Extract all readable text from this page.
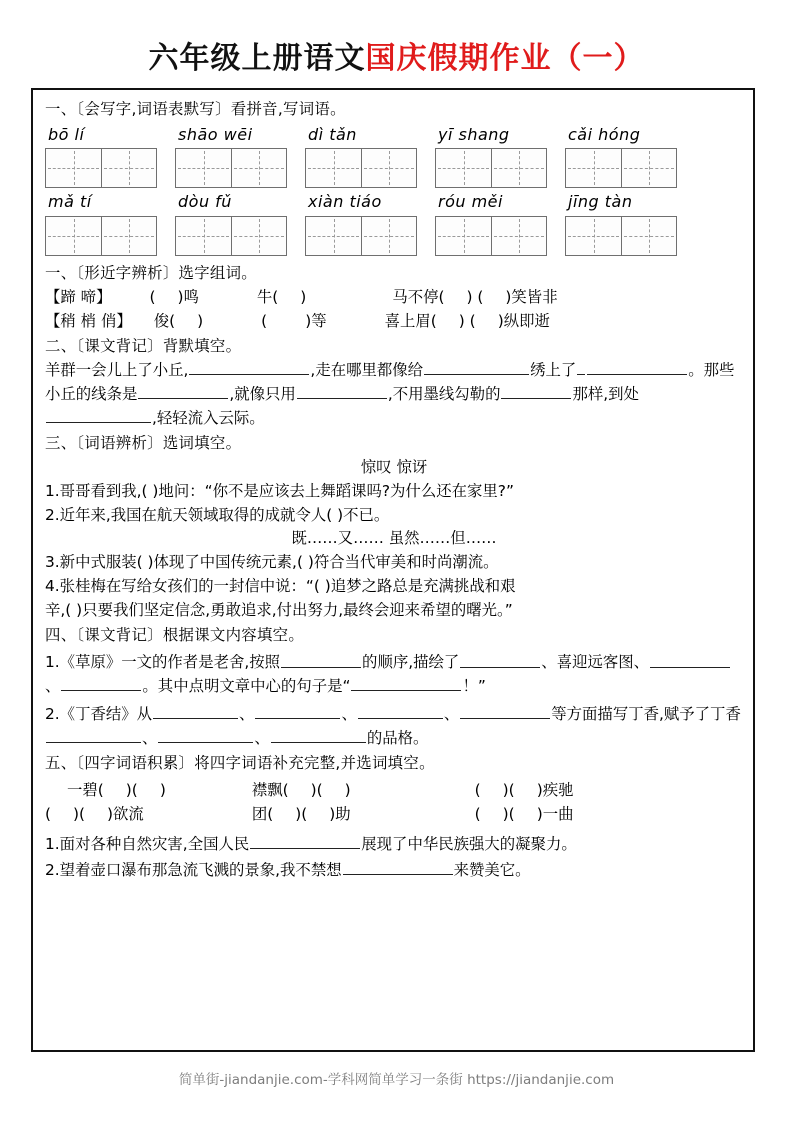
六年级上册语文国庆假期作业（一）
一、〔会写字,词语表默写〕看拼音,写词语。
bō lí	shāo wēi	dì tǎn	yī shang	cǎi hóng
mǎ tí	dòu fǔ	xiàn tiáo	róu měi	jīng tàn
一、〔形近字辨析〕选字组词。
【蹄 啼】 ( )鸣	牛( )	马不停( ) ( )笑皆非
【稍 梢 俏】 俊( )	( )等	喜上眉( ) ( )纵即逝
二、〔课文背记〕背默填空。
羊群一会儿上了小丘,	,走在哪里都像给	绣上了	。那些小丘的线条是	,就像只用	,不用墨线勾勒的	那样,到处,轻轻流入云际。
三、〔词语辨析〕选词填空。
惊叹 惊讶
1.哥哥看到我,( )地问：“你不是应该去上舞蹈课吗?为什么还在家里?”
2.近年来,我国在航天领域取得的成就令人( )不已。
既……又…… 虽然……但……
3.新中式服装( )体现了中国传统元素,( )符合当代审美和时尚潮流。
4.张桂梅在写给女孩们的一封信中说：“( )追梦之路总是充满挑战和艰
辛,( )只要我们坚定信念,勇敢追求,付出努力,最终会迎来希望的曙光。”
四、〔课文背记〕根据课文内容填空。
1.《草原》一文的作者是老舍,按照	的顺序,描绘了	、喜迎远客图、、	。其中点明文章中心的句子是“	！”
2.《丁香结》从	、	、	、	等方面描写丁香,赋予了丁香、	、	的品格。
五、〔四字词语积累〕将四字词语补充完整,并选词填空。
一碧( )( )	襟飘( )( )	( )( )疾驰
( )( )欲流	团( )( )助	( )( )一曲
1.面对各种自然灾害,全国人民	展现了中华民族强大的凝聚力。
2.望着壶口瀑布那急流飞溅的景象,我不禁想	来赞美它。
简单街-jiandanjie.com-学科网简单学习一条街 https://jiandanjie.com
